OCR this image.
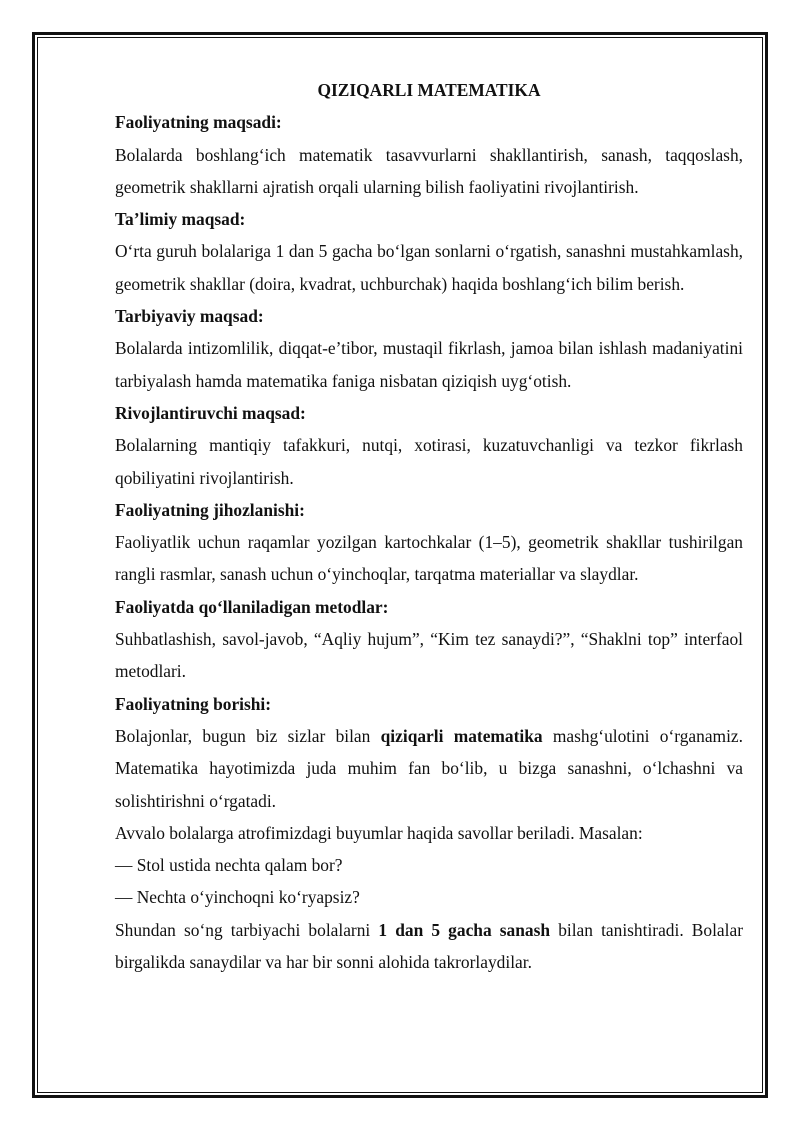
QIZIQARLI MATEMATIKA

Faoliyatning maqsadi:

Bolalarda boshlang‘ich matematik tasavvurlarni shakllantirish, sanash, taqqoslash, geometrik shakllarni ajratish orqali ularning bilish faoliyatini rivojlantirish.

Ta’limiy maqsad:

O‘rta guruh bolalariga 1 dan 5 gacha bo‘lgan sonlarni o‘rgatish, sanashni mustahkamlash, geometrik shakllar (doira, kvadrat, uchburchak) haqida boshlang‘ich bilim berish.

Tarbiyaviy maqsad:

Bolalarda intizomlilik, diqqat-e’tibor, mustaqil fikrlash, jamoa bilan ishlash madaniyatini tarbiyalash hamda matematika faniga nisbatan qiziqish uyg‘otish.

Rivojlantiruvchi maqsad:

Bolalarning mantiqiy tafakkuri, nutqi, xotirasi, kuzatuvchanligi va tezkor fikrlash qobiliyatini rivojlantirish.

Faoliyatning jihozlanishi:

Faoliyatlik uchun raqamlar yozilgan kartochkalar (1–5), geometrik shakllar tushirilgan rangli rasmlar, sanash uchun o‘yinchoqlar, tarqatma materiallar va slaydlar.

Faoliyatda qo‘llaniladigan metodlar:

Suhbatlashish, savol-javob, “Aqliy hujum”, “Kim tez sanaydi?”, “Shaklni top” interfaol metodlari.

Faoliyatning borishi:

Bolajonlar, bugun biz sizlar bilan qiziqarli matematika mashg‘ulotini o‘rganamiz. Matematika hayotimizda juda muhim fan bo‘lib, u bizga sanashni, o‘lchashni va solishtirishni o‘rgatadi.

Avvalo bolalarga atrofimizdagi buyumlar haqida savollar beriladi. Masalan:

— Stol ustida nechta qalam bor?

— Nechta o‘yinchoqni ko‘ryapsiz?

Shundan so‘ng tarbiyachi bolalarni 1 dan 5 gacha sanash bilan tanishtiradi. Bolalar birgalikda sanaydilar va har bir sonni alohida takrorlaydilar.
